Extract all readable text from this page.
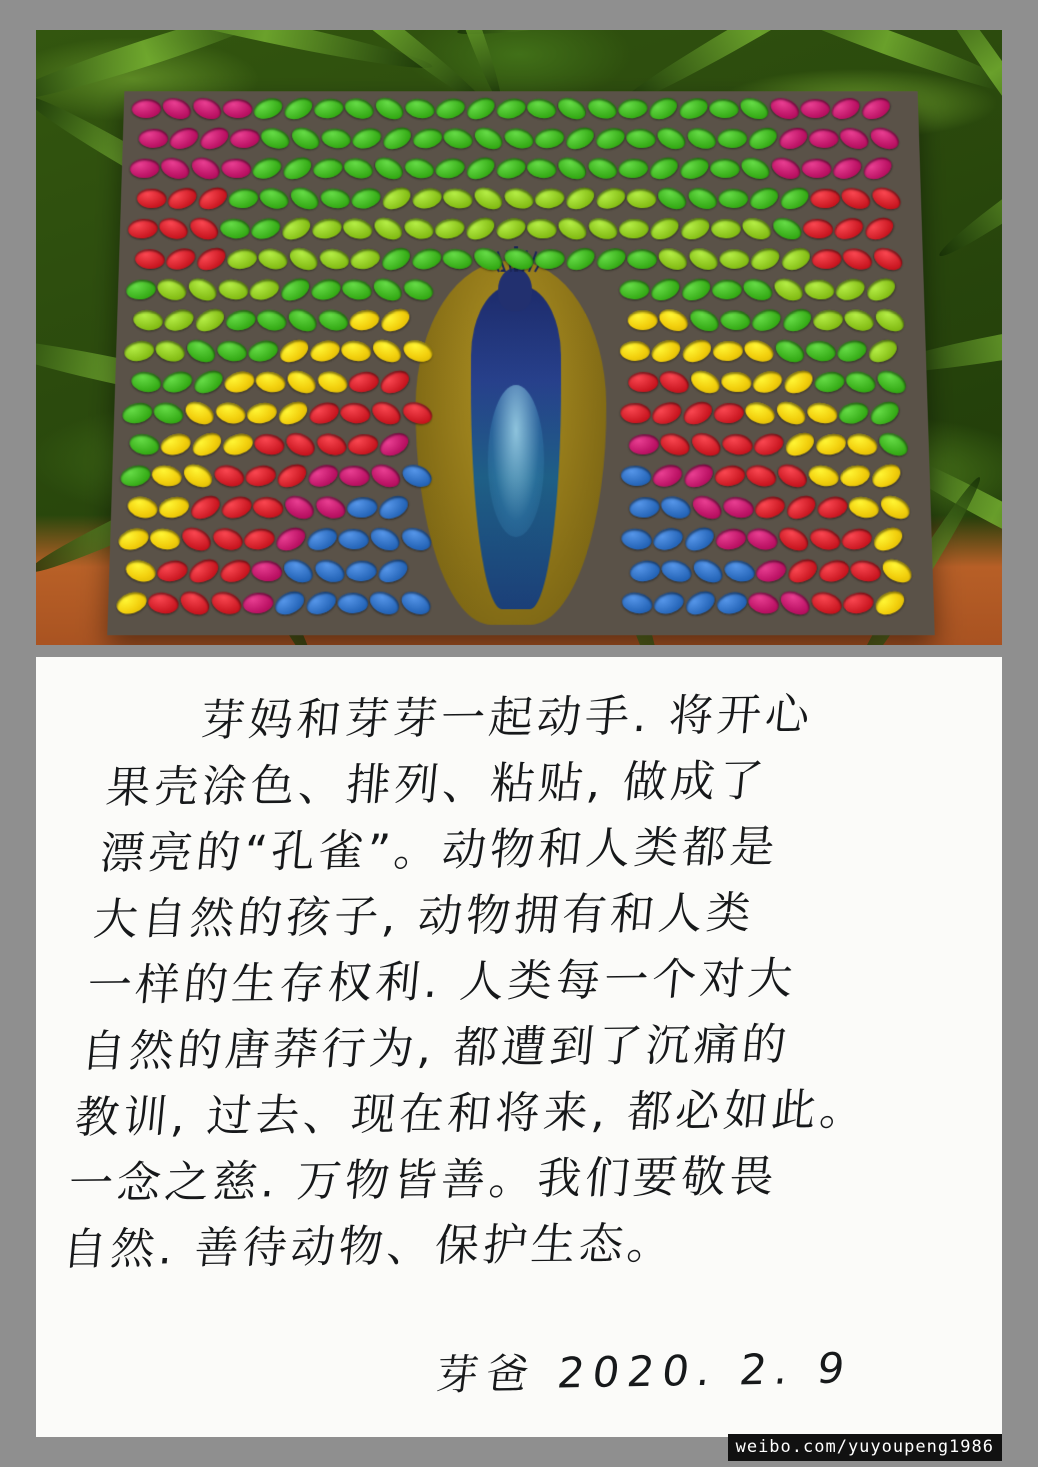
芽妈和芽芽一起动手. 将开心
果壳涂色、排列、粘贴, 做成了
漂亮的“孔雀”。动物和人类都是
大自然的孩子, 动物拥有和人类
一样的生存权利. 人类每一个对大
自然的唐莽行为, 都遭到了沉痛的
教训, 过去、现在和将来, 都必如此。
一念之慈. 万物皆善。我们要敬畏
自然. 善待动物、保护生态。
芽爸 2020. 2. 9
weibo.com/yuyoupeng1986
